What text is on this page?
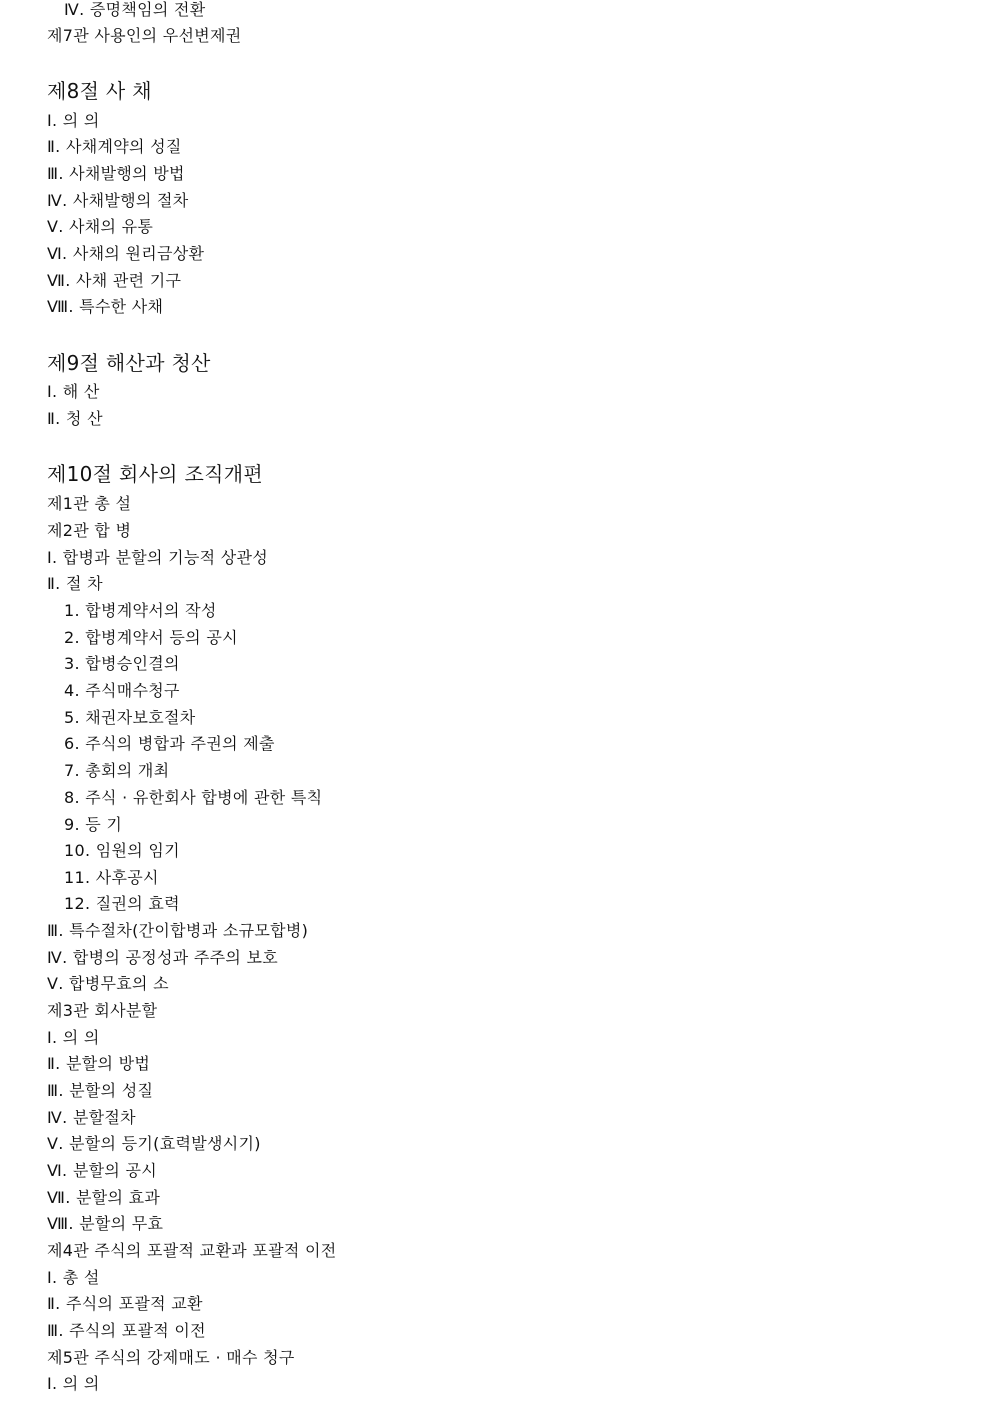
Ⅳ. 증명책임의 전환
제7관 사용인의 우선변제권
제8절 사 채
Ⅰ. 의 의
Ⅱ. 사채계약의 성질
Ⅲ. 사채발행의 방법
Ⅳ. 사채발행의 절차
Ⅴ. 사채의 유통
Ⅵ. 사채의 원리금상환
Ⅶ. 사채 관련 기구
Ⅷ. 특수한 사채
제9절 해산과 청산
Ⅰ. 해 산
Ⅱ. 청 산
제10절 회사의 조직개편
제1관 총 설
제2관 합 병
Ⅰ. 합병과 분할의 기능적 상관성
Ⅱ. 절 차
1. 합병계약서의 작성
2. 합병계약서 등의 공시
3. 합병승인결의
4. 주식매수청구
5. 채권자보호절차
6. 주식의 병합과 주권의 제출
7. 총회의 개최
8. 주식 · 유한회사 합병에 관한 특칙
9. 등 기
10. 임원의 임기
11. 사후공시
12. 질권의 효력
Ⅲ. 특수절차(간이합병과 소규모합병)
Ⅳ. 합병의 공정성과 주주의 보호
Ⅴ. 합병무효의 소
제3관 회사분할
Ⅰ. 의 의
Ⅱ. 분할의 방법
Ⅲ. 분할의 성질
Ⅳ. 분할절차
Ⅴ. 분할의 등기(효력발생시기)
Ⅵ. 분할의 공시
Ⅶ. 분할의 효과
Ⅷ. 분할의 무효
제4관 주식의 포괄적 교환과 포괄적 이전
Ⅰ. 총 설
Ⅱ. 주식의 포괄적 교환
Ⅲ. 주식의 포괄적 이전
제5관 주식의 강제매도 · 매수 청구
Ⅰ. 의 의
